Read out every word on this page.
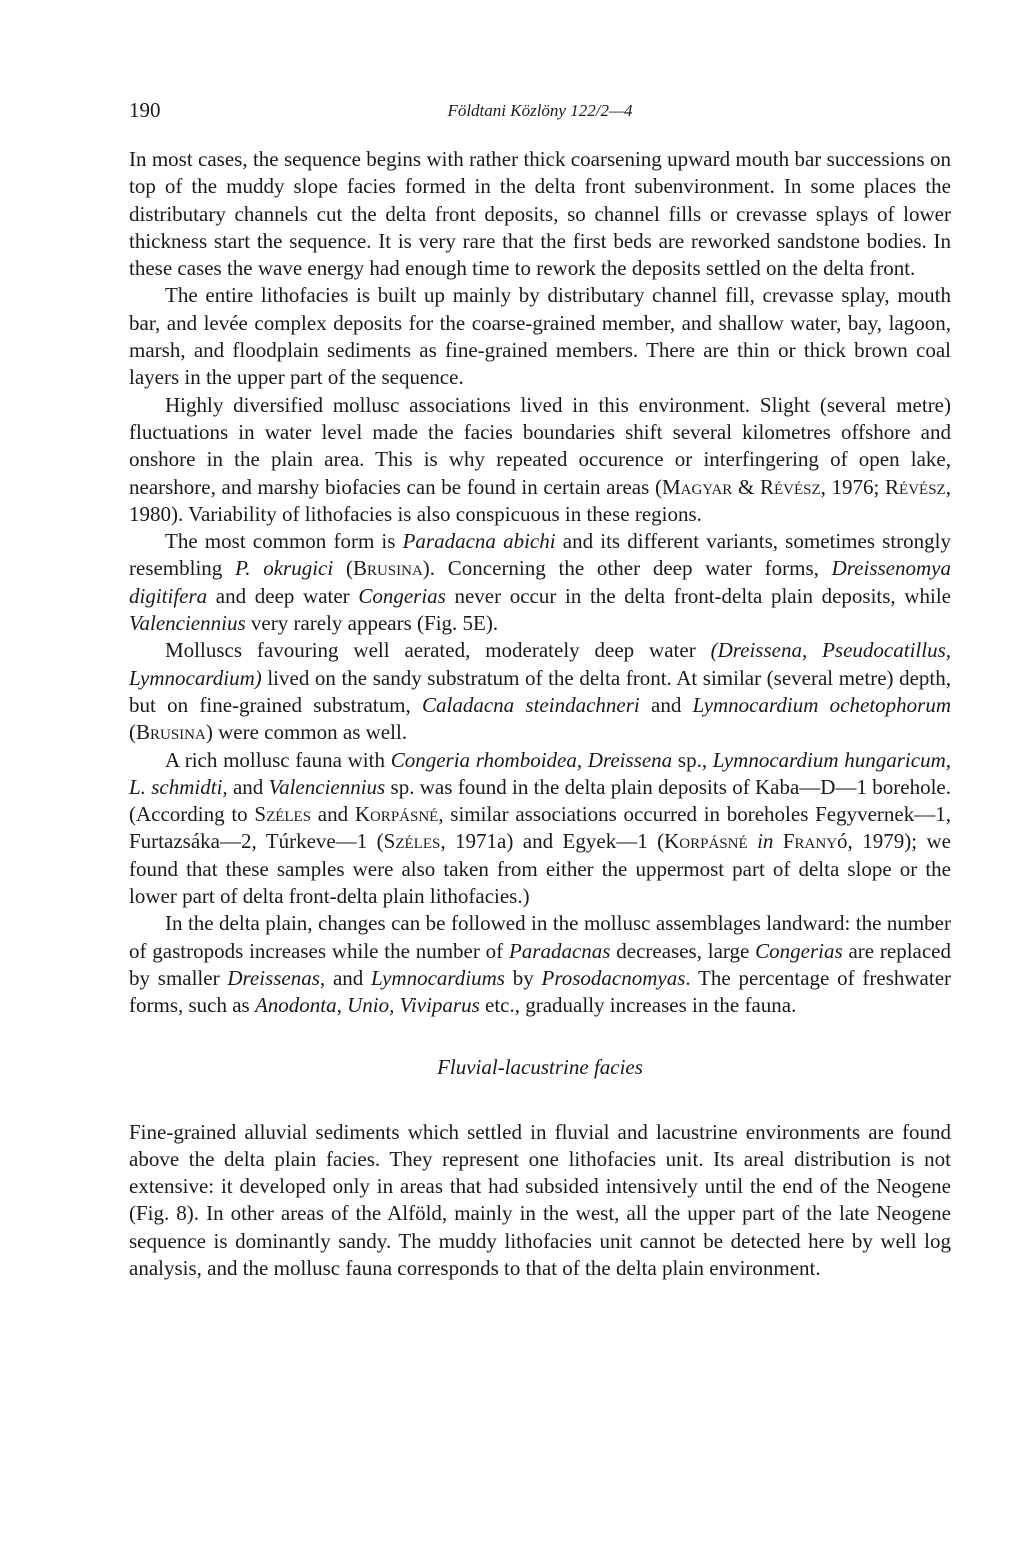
190	Földtani Közlöny 122/2—4

In most cases, the sequence begins with rather thick coarsening upward mouth bar successions on top of the muddy slope facies formed in the delta front subenvironment. In some places the distributary channels cut the delta front deposits, so channel fills or crevasse splays of lower thickness start the sequence. It is very rare that the first beds are reworked sandstone bodies. In these cases the wave energy had enough time to rework the deposits settled on the delta front.

The entire lithofacies is built up mainly by distributary channel fill, crevasse splay, mouth bar, and levée complex deposits for the coarse-grained member, and shallow water, bay, lagoon, marsh, and floodplain sediments as fine-grained members. There are thin or thick brown coal layers in the upper part of the sequence.

Highly diversified mollusc associations lived in this environment. Slight (several metre) fluctuations in water level made the facies boundaries shift several kilometres offshore and onshore in the plain area. This is why repeated occurence or interfingering of open lake, nearshore, and marshy biofacies can be found in certain areas (Magyar & Révész, 1976; Révész, 1980). Variability of lithofacies is also conspicuous in these regions.

The most common form is Paradacna abichi and its different variants, sometimes strongly resembling P. okrugici (Brusina). Concerning the other deep water forms, Dreissenomya digitifera and deep water Congerias never occur in the delta front-delta plain deposits, while Valenciennius very rarely appears (Fig. 5E).

Molluscs favouring well aerated, moderately deep water (Dreissena, Pseudocatillus, Lymnocardium) lived on the sandy substratum of the delta front. At similar (several metre) depth, but on fine-grained substratum, Caladacna steindachneri and Lymnocardium ochetophorum (Brusina) were common as well.

A rich mollusc fauna with Congeria rhomboidea, Dreissena sp., Lymnocardium hungaricum, L. schmidti, and Valenciennius sp. was found in the delta plain deposits of Kaba—D—1 borehole. (According to Széles and Korpásné, similar associations occurred in boreholes Fegyvernek—1, Furtazsáka—2, Túrkeve—1 (Széles, 1971a) and Egyek—1 (Korpásné in Franyó, 1979); we found that these samples were also taken from either the uppermost part of delta slope or the lower part of delta front-delta plain lithofacies.)

In the delta plain, changes can be followed in the mollusc assemblages landward: the number of gastropods increases while the number of Paradacnas decreases, large Congerias are replaced by smaller Dreissenas, and Lymnocardiums by Prosodacnomyas. The percentage of freshwater forms, such as Anodonta, Unio, Viviparus etc., gradually increases in the fauna.

Fluvial-lacustrine facies

Fine-grained alluvial sediments which settled in fluvial and lacustrine environments are found above the delta plain facies. They represent one lithofacies unit. Its areal distribution is not extensive: it developed only in areas that had subsided intensively until the end of the Neogene (Fig. 8). In other areas of the Alföld, mainly in the west, all the upper part of the late Neogene sequence is dominantly sandy. The muddy lithofacies unit cannot be detected here by well log analysis, and the mollusc fauna corresponds to that of the delta plain environment.
